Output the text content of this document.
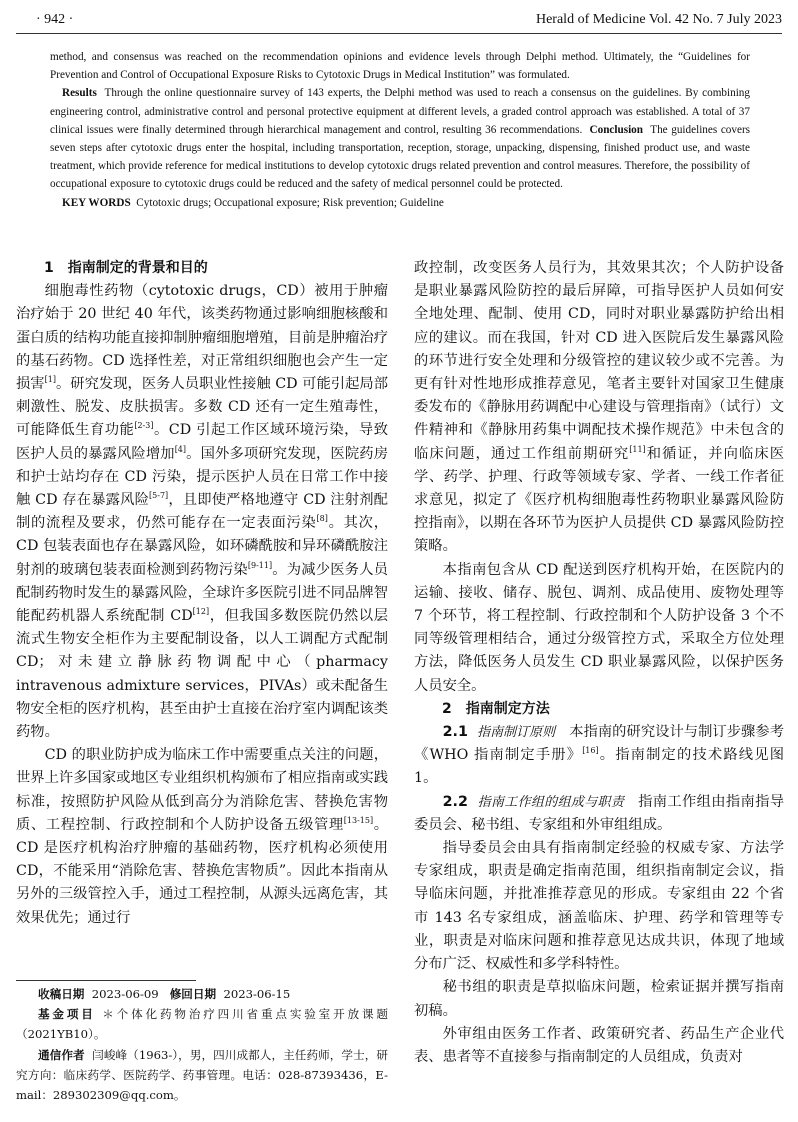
· 942 ·	Herald of Medicine Vol. 42 No. 7 July 2023

method, and consensus was reached on the recommendation opinions and evidence levels through Delphi method. Ultimately, the “Guidelines for Prevention and Control of Occupational Exposure Risks to Cytotoxic Drugs in Medical Institution” was formulated.

Results Through the online questionnaire survey of 143 experts, the Delphi method was used to reach a consensus on the guidelines. By combining engineering control, administrative control and personal protective equipment at different levels, a graded control approach was established. A total of 37 clinical issues were finally determined through hierarchical management and control, resulting 36 recommendations. Conclusion The guidelines covers seven steps after cytotoxic drugs enter the hospital, including transportation, reception, storage, unpacking, dispensing, finished product use, and waste treatment, which provide reference for medical institutions to develop cytotoxic drugs related prevention and control measures. Therefore, the possibility of occupational exposure to cytotoxic drugs could be reduced and the safety of medical personnel could be protected.

KEY WORDS Cytotoxic drugs; Occupational exposure; Risk prevention; Guideline

1　指南制定的背景和目的

细胞毒性药物（cytotoxic drugs，CD）被用于肿瘤治疗始于 20 世纪 40 年代，该类药物通过影响细胞核酸和蛋白质的结构功能直接抑制肿瘤细胞增殖，目前是肿瘤治疗的基石药物。CD 选择性差，对正常组织细胞也会产生一定损害[1]。研究发现，医务人员职业性接触 CD 可能引起局部刺激性、脱发、皮肤损害。多数 CD 还有一定生殖毒性，可能降低生育功能[2-3]。CD 引起工作区域环境污染，导致医护人员的暴露风险增加[4]。国外多项研究发现，医院药房和护士站均存在 CD 污染，提示医护人员在日常工作中接触 CD 存在暴露风险[5-7]，且即使严格地遵守 CD 注射剂配制的流程及要求，仍然可能存在一定表面污染[8]。其次，CD 包装表面也存在暴露风险，如环磷酰胺和异环磷酰胺注射剂的玻璃包装表面检测到药物污染[9-11]。为减少医务人员配制药物时发生的暴露风险，全球许多医院引进不同品牌智能配药机器人系统配制 CD[12]，但我国多数医院仍然以层流式生物安全柜作为主要配制设备，以人工调配方式配制 CD；对未建立静脉药物调配中心（pharmacy intravenous admixture services，PIVAs）或未配备生物安全柜的医疗机构，甚至由护士直接在治疗室内调配该类药物。

CD 的职业防护成为临床工作中需要重点关注的问题，世界上许多国家或地区专业组织机构颁布了相应指南或实践标准，按照防护风险从低到高分为消除危害、替换危害物质、工程控制、行政控制和个人防护设备五级管理[13-15]。CD 是医疗机构治疗肿瘤的基础药物，医疗机构必须使用 CD，不能采用“消除危害、替换危害物质”。因此本指南从另外的三级管控入手，通过工程控制，从源头远离危害，其效果优先；通过行

收稿日期 2023-06-09 修回日期 2023-06-15

基金项目 ＊个体化药物治疗四川省重点实验室开放课题（2021YB10）。

通信作者 闫峻峰（1963-），男，四川成都人，主任药师，学士，研究方向：临床药学、医院药学、药事管理。电话：028-87393436，E-mail：289302309@qq.com。

政控制，改变医务人员行为，其效果其次；个人防护设备是职业暴露风险防控的最后屏障，可指导医护人员如何安全地处理、配制、使用 CD，同时对职业暴露防护给出相应的建议。而在我国，针对 CD 进入医院后发生暴露风险的环节进行安全处理和分级管控的建议较少或不完善。为更有针对性地形成推荐意见，笔者主要针对国家卫生健康委发布的《静脉用药调配中心建设与管理指南》（试行）文件精神和《静脉用药集中调配技术操作规范》中未包含的临床问题，通过工作组前期研究[11]和循证，并向临床医学、药学、护理、行政等领域专家、学者、一线工作者征求意见，拟定了《医疗机构细胞毒性药物职业暴露风险防控指南》，以期在各环节为医护人员提供 CD 暴露风险防控策略。

本指南包含从 CD 配送到医疗机构开始，在医院内的运输、接收、储存、脱包、调剂、成品使用、废物处理等 7 个环节，将工程控制、行政控制和个人防护设备 3 个不同等级管理相结合，通过分级管控方式，采取全方位处理方法，降低医务人员发生 CD 职业暴露风险，以保护医务人员安全。

2　指南制定方法

2.1 指南制订原则 本指南的研究设计与制订步骤参考《WHO 指南制定手册》[16]。指南制定的技术路线见图 1。

2.2 指南工作组的组成与职责 指南工作组由指南指导委员会、秘书组、专家组和外审组组成。

指导委员会由具有指南制定经验的权威专家、方法学专家组成，职责是确定指南范围，组织指南制定会议，指导临床问题，并批准推荐意见的形成。专家组由 22 个省市 143 名专家组成，涵盖临床、护理、药学和管理等专业，职责是对临床问题和推荐意见达成共识，体现了地域分布广泛、权威性和多学科特性。

秘书组的职责是草拟临床问题，检索证据并撰写指南初稿。

外审组由医务工作者、政策研究者、药品生产企业代表、患者等不直接参与指南制定的人员组成，负责对
